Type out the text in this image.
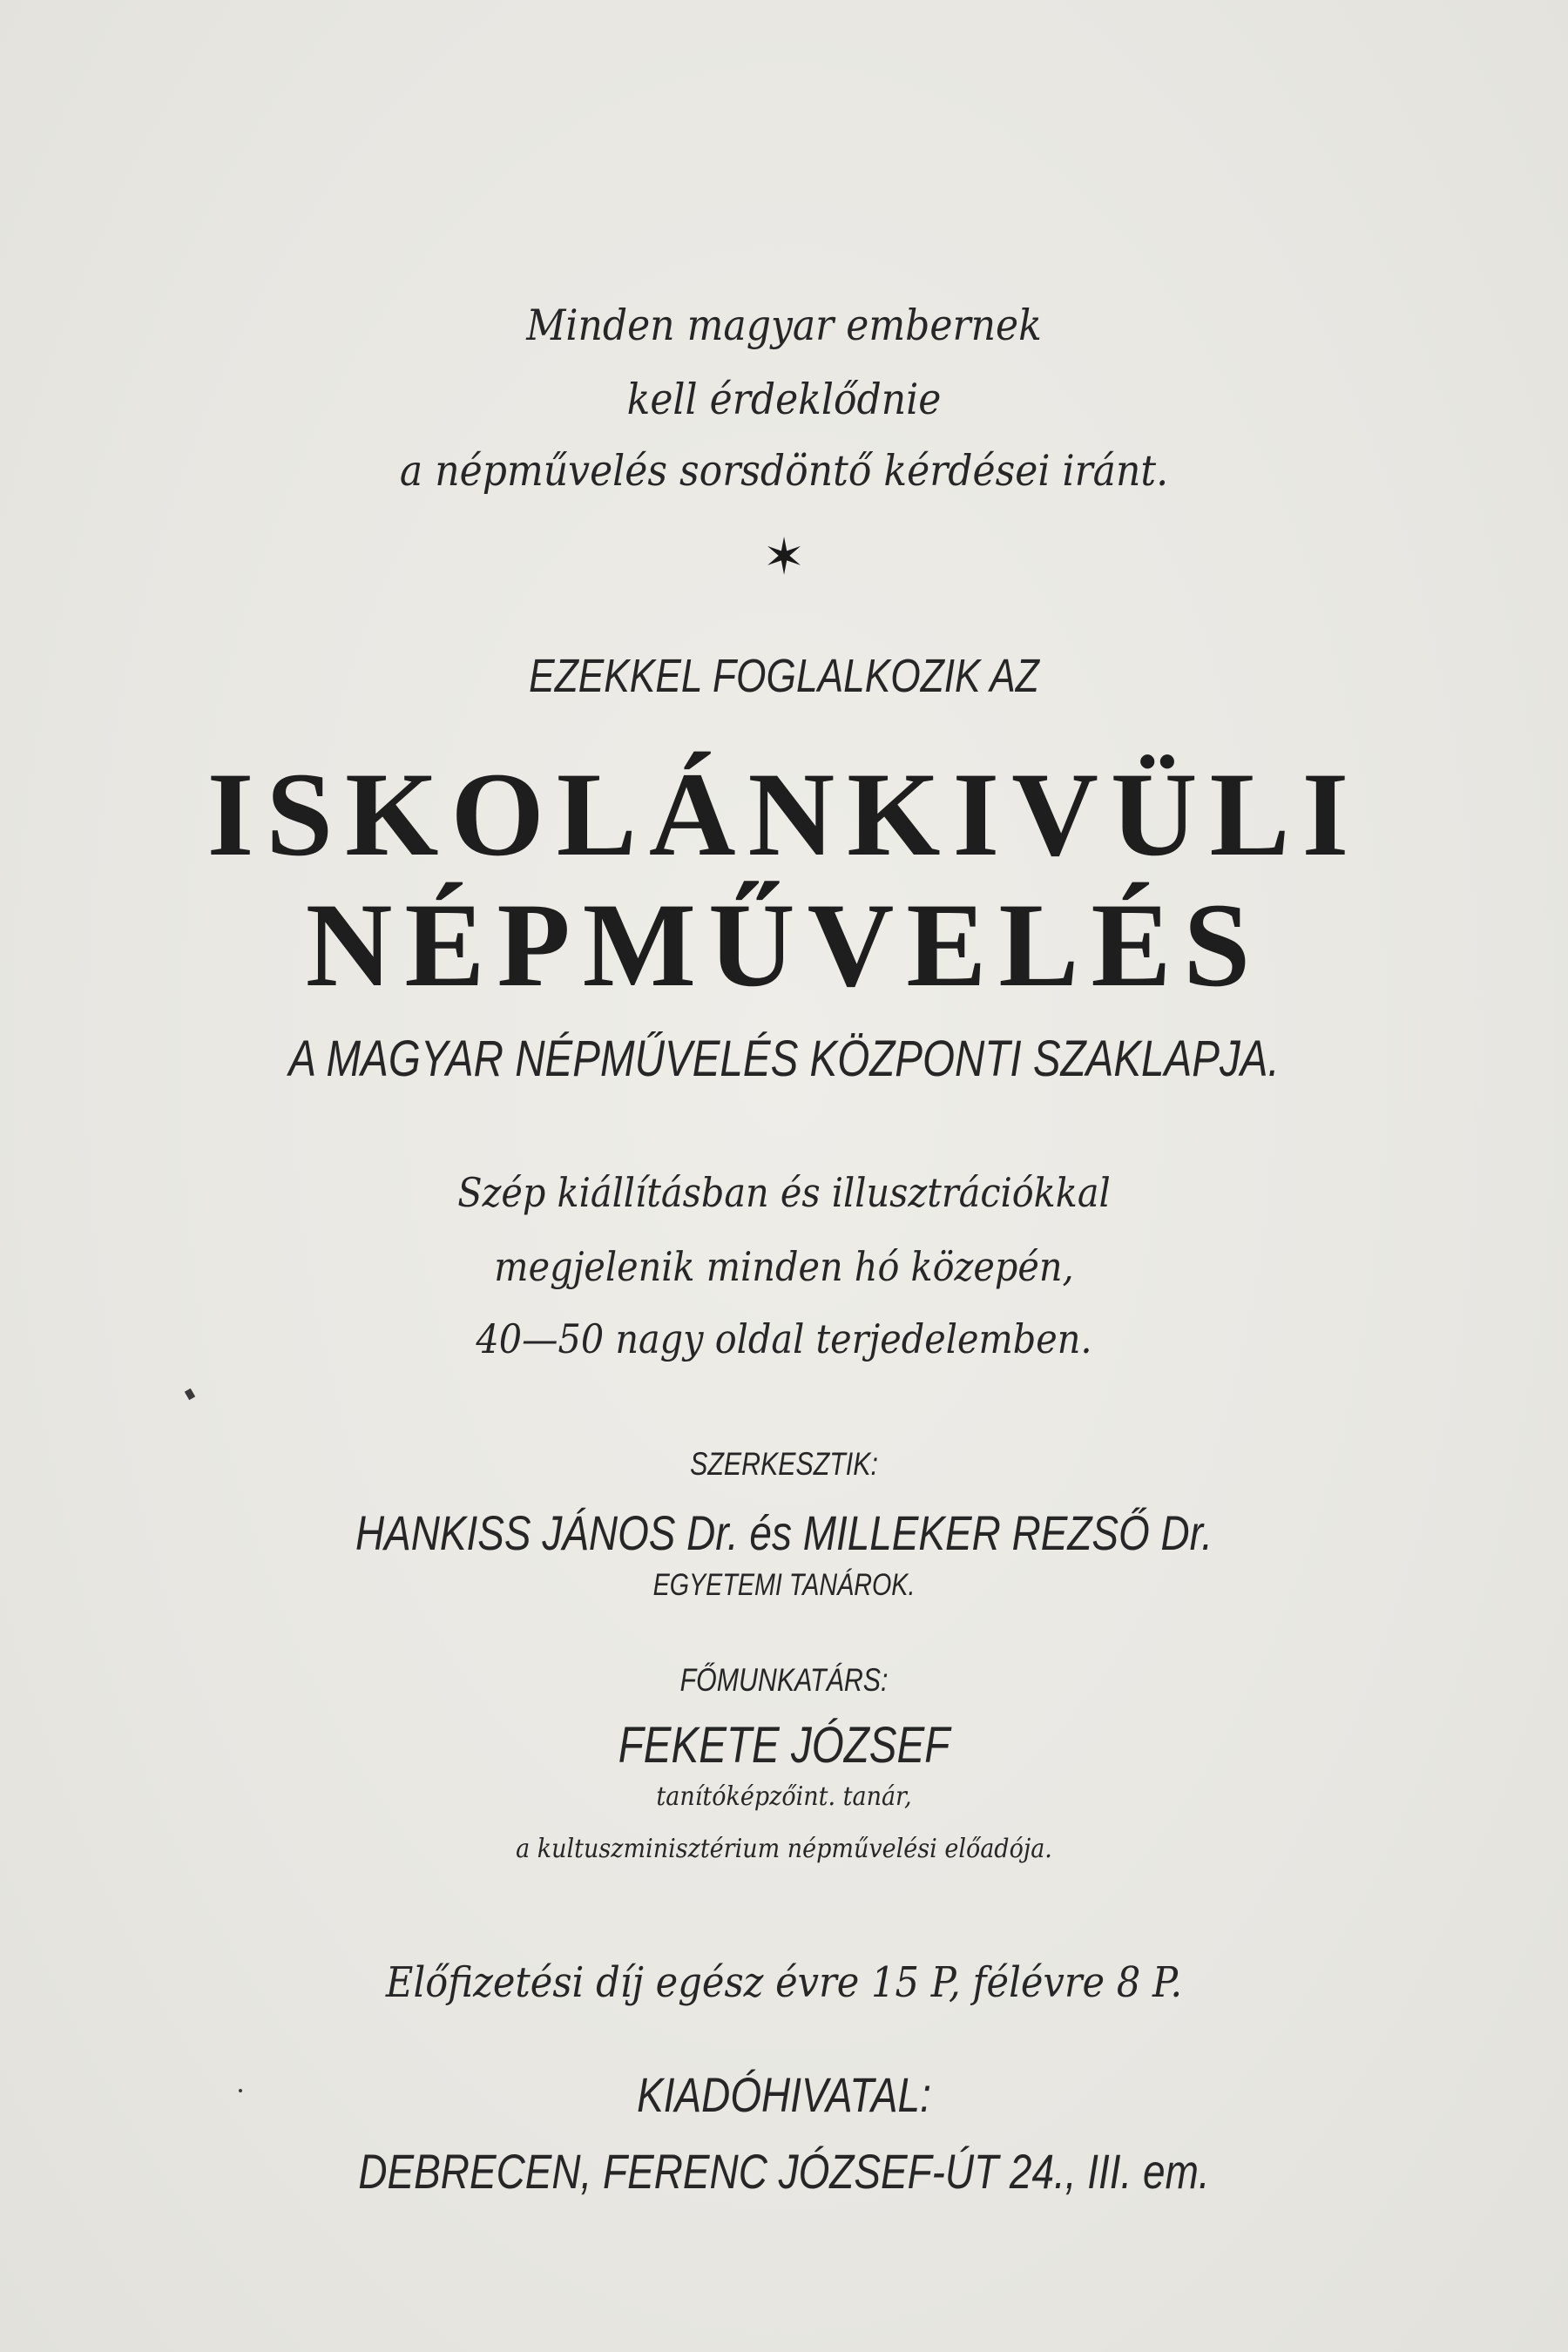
Minden magyar embernek
kell érdeklődnie
a népművelés sorsdöntő kérdései iránt.
✶
EZEKKEL FOGLALKOZIK AZ
ISKOLÁNKIVÜLI
NÉPMŰVELÉS
A MAGYAR NÉPMŰVELÉS KÖZPONTI SZAKLAPJA.
Szép kiállításban és illusztrációkkal
megjelenik minden hó közepén,
40—50 nagy oldal terjedelemben.
SZERKESZTIK:
HANKISS JÁNOS Dr. és MILLEKER REZSŐ Dr.
EGYETEMI TANÁROK.
FŐMUNKATÁRS:
FEKETE JÓZSEF
tanítóképzőint. tanár,
a kultuszminisztérium népművelési előadója.
Előfizetési díj egész évre 15 P, félévre 8 P.
KIADÓHIVATAL:
DEBRECEN, FERENC JÓZSEF-ÚT 24., III. em.
